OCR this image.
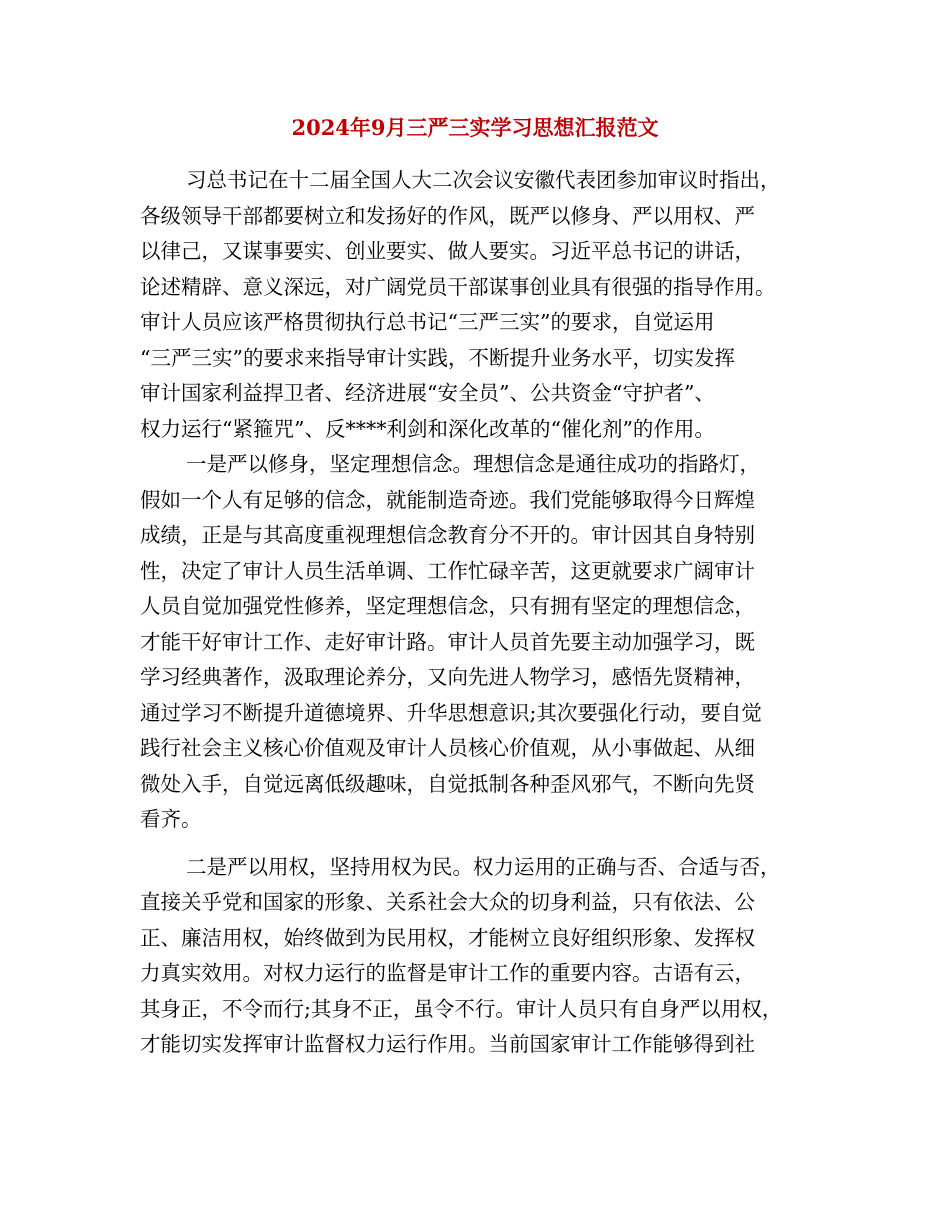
2024年9月三严三实学习思想汇报范文
习总书记在十二届全国人大二次会议安徽代表团参加审议时指出，
各级领导干部都要树立和发扬好的作风，既严以修身、严以用权、严
以律己，又谋事要实、创业要实、做人要实。习近平总书记的讲话，
论述精辟、意义深远，对广阔党员干部谋事创业具有很强的指导作用。
审计人员应该严格贯彻执行总书记“三严三实”的要求，自觉运用
“三严三实”的要求来指导审计实践，不断提升业务水平，切实发挥
审计国家利益捍卫者、经济进展“安全员”、公共资金“守护者”、
权力运行“紧箍咒”、反****利剑和深化改革的“催化剂”的作用。
一是严以修身，坚定理想信念。理想信念是通往成功的指路灯，
假如一个人有足够的信念，就能制造奇迹。我们党能够取得今日辉煌
成绩，正是与其高度重视理想信念教育分不开的。审计因其自身特别
性，决定了审计人员生活单调、工作忙碌辛苦，这更就要求广阔审计
人员自觉加强党性修养，坚定理想信念，只有拥有坚定的理想信念，
才能干好审计工作、走好审计路。审计人员首先要主动加强学习，既
学习经典著作，汲取理论养分，又向先进人物学习，感悟先贤精神，
通过学习不断提升道德境界、升华思想意识;其次要强化行动，要自觉
践行社会主义核心价值观及审计人员核心价值观，从小事做起、从细
微处入手，自觉远离低级趣味，自觉抵制各种歪风邪气，不断向先贤
看齐。
二是严以用权，坚持用权为民。权力运用的正确与否、合适与否，
直接关乎党和国家的形象、关系社会大众的切身利益，只有依法、公
正、廉洁用权，始终做到为民用权，才能树立良好组织形象、发挥权
力真实效用。对权力运行的监督是审计工作的重要内容。古语有云，
其身正，不令而行;其身不正，虽令不行。审计人员只有自身严以用权，
才能切实发挥审计监督权力运行作用。当前国家审计工作能够得到社
